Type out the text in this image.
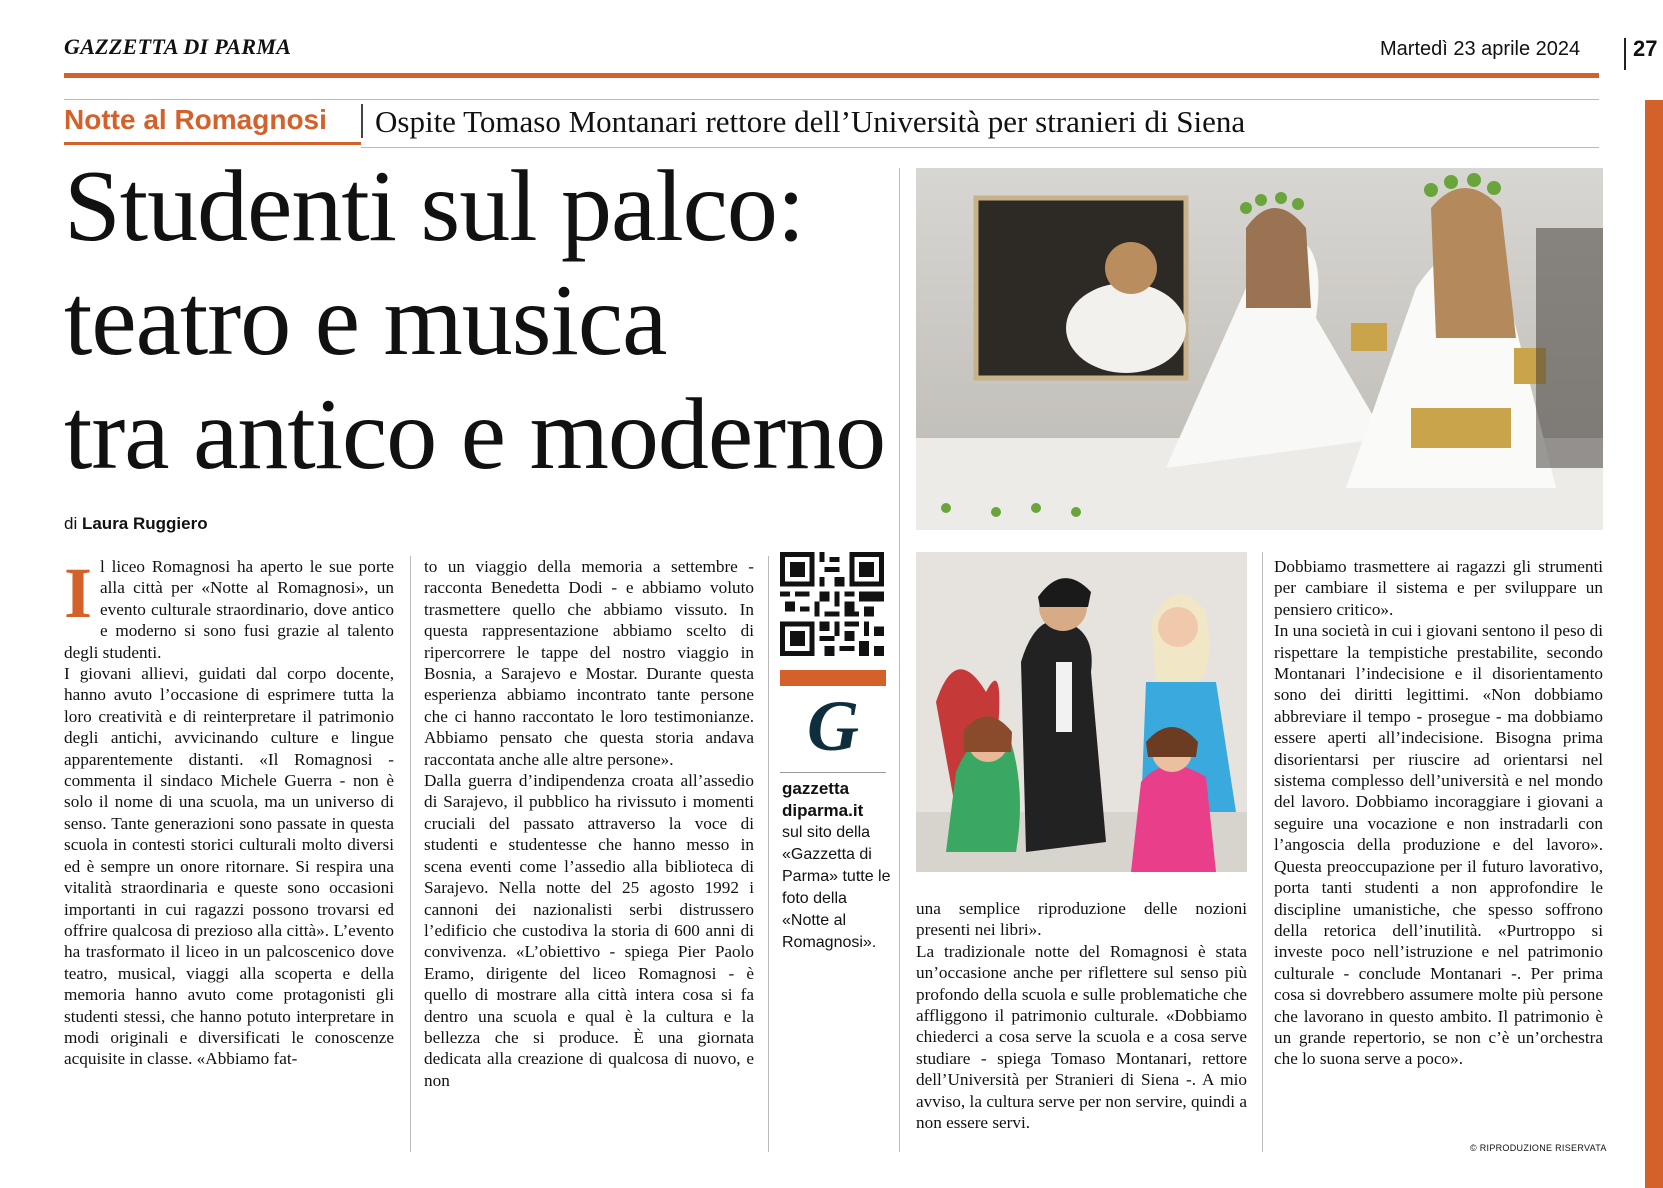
GAZZETTA DI PARMA	Martedì 23 aprile 2024 27
Notte al Romagnosi Ospite Tomaso Montanari rettore dell’Università per stranieri di Siena
Studenti sul palco:
teatro e musica
tra antico e moderno
di Laura Ruggiero
I l liceo Romagnosi ha aperto le sue porte alla città per «Notte al Romagnosi», un evento culturale straordinario, dove antico e moderno si sono fusi grazie al talento degli studenti.

I giovani allievi, guidati dal corpo docente, hanno avuto l’occasione di esprimere tutta la loro creatività e di reinterpretare il patrimonio degli antichi, avvicinando culture e lingue apparentemente distanti. «Il Romagnosi - commenta il sindaco Michele Guerra - non è solo il nome di una scuola, ma un universo di senso. Tante generazioni sono passate in questa scuola in contesti storici culturali molto diversi ed è sempre un onore ritornare. Si respira una vitalità straordinaria e queste sono occasioni importanti in cui ragazzi possono trovarsi ed offrire qualcosa di prezioso alla città». L’evento ha trasformato il liceo in un palcoscenico dove teatro, musical, viaggi alla scoperta e della memoria hanno avuto come protagonisti gli studenti stessi, che hanno potuto interpretare in modi originali e diversificati le conoscenze acquisite in classe. «Abbiamo fat-

to un viaggio della memoria a settembre - racconta Benedetta Dodi - e abbiamo voluto trasmettere quello che abbiamo vissuto. In questa rappresentazione abbiamo scelto di ripercorrere le tappe del nostro viaggio in Bosnia, a Sarajevo e Mostar. Durante questa esperienza abbiamo incontrato tante persone che ci hanno raccontato le loro testimonianze. Abbiamo pensato che questa storia andava raccontata anche alle altre persone».

Dalla guerra d’indipendenza croata all’assedio di Sarajevo, il pubblico ha rivissuto i momenti cruciali del passato attraverso la voce di studenti e studentesse che hanno messo in scena eventi come l’assedio alla biblioteca di Sarajevo. Nella notte del 25 agosto 1992 i cannoni dei nazionalisti serbi distrussero l’edificio che custodiva la storia di 600 anni di convivenza. «L’obiettivo - spiega Pier Paolo Eramo, dirigente del liceo Romagnosi - è quello di mostrare alla città intera cosa si fa dentro una scuola e qual è la cultura e la bellezza che si produce. È una giornata dedicata alla creazione di qualcosa di nuovo, e non

G
gazzetta
diparma.it
sul sito della «Gazzetta di Parma» tutte le foto della «Notte al Romagnosi».

una semplice riproduzione delle nozioni presenti nei libri».

La tradizionale notte del Romagnosi è stata un’occasione anche per riflettere sul senso più profondo della scuola e sulle problematiche che affliggono il patrimonio culturale. «Dobbiamo chiederci a cosa serve la scuola e a cosa serve studiare - spiega Tomaso Montanari, rettore dell’Università per Stranieri di Siena -. A mio avviso, la cultura serve per non servire, quindi a non essere servi.

Dobbiamo trasmettere ai ragazzi gli strumenti per cambiare il sistema e per sviluppare un pensiero critico».

In una società in cui i giovani sentono il peso di rispettare la tempistiche prestabilite, secondo Montanari l’indecisione e il disorientamento sono dei diritti legittimi. «Non dobbiamo abbreviare il tempo - prosegue - ma dobbiamo essere aperti all’indecisione. Bisogna prima disorientarsi per riuscire ad orientarsi nel sistema complesso dell’università e nel mondo del lavoro. Dobbiamo incoraggiare i giovani a seguire una vocazione e non instradarli con l’angoscia della produzione e del lavoro». Questa preoccupazione per il futuro lavorativo, porta tanti studenti a non approfondire le discipline umanistiche, che spesso soffrono della retorica dell’inutilità. «Purtroppo si investe poco nell’istruzione e nel patrimonio culturale - conclude Montanari -. Per prima cosa si dovrebbero assumere molte più persone che lavorano in questo ambito. Il patrimonio è un grande repertorio, se non c’è un’orchestra che lo suona serve a poco».

© RIPRODUZIONE RISERVATA
